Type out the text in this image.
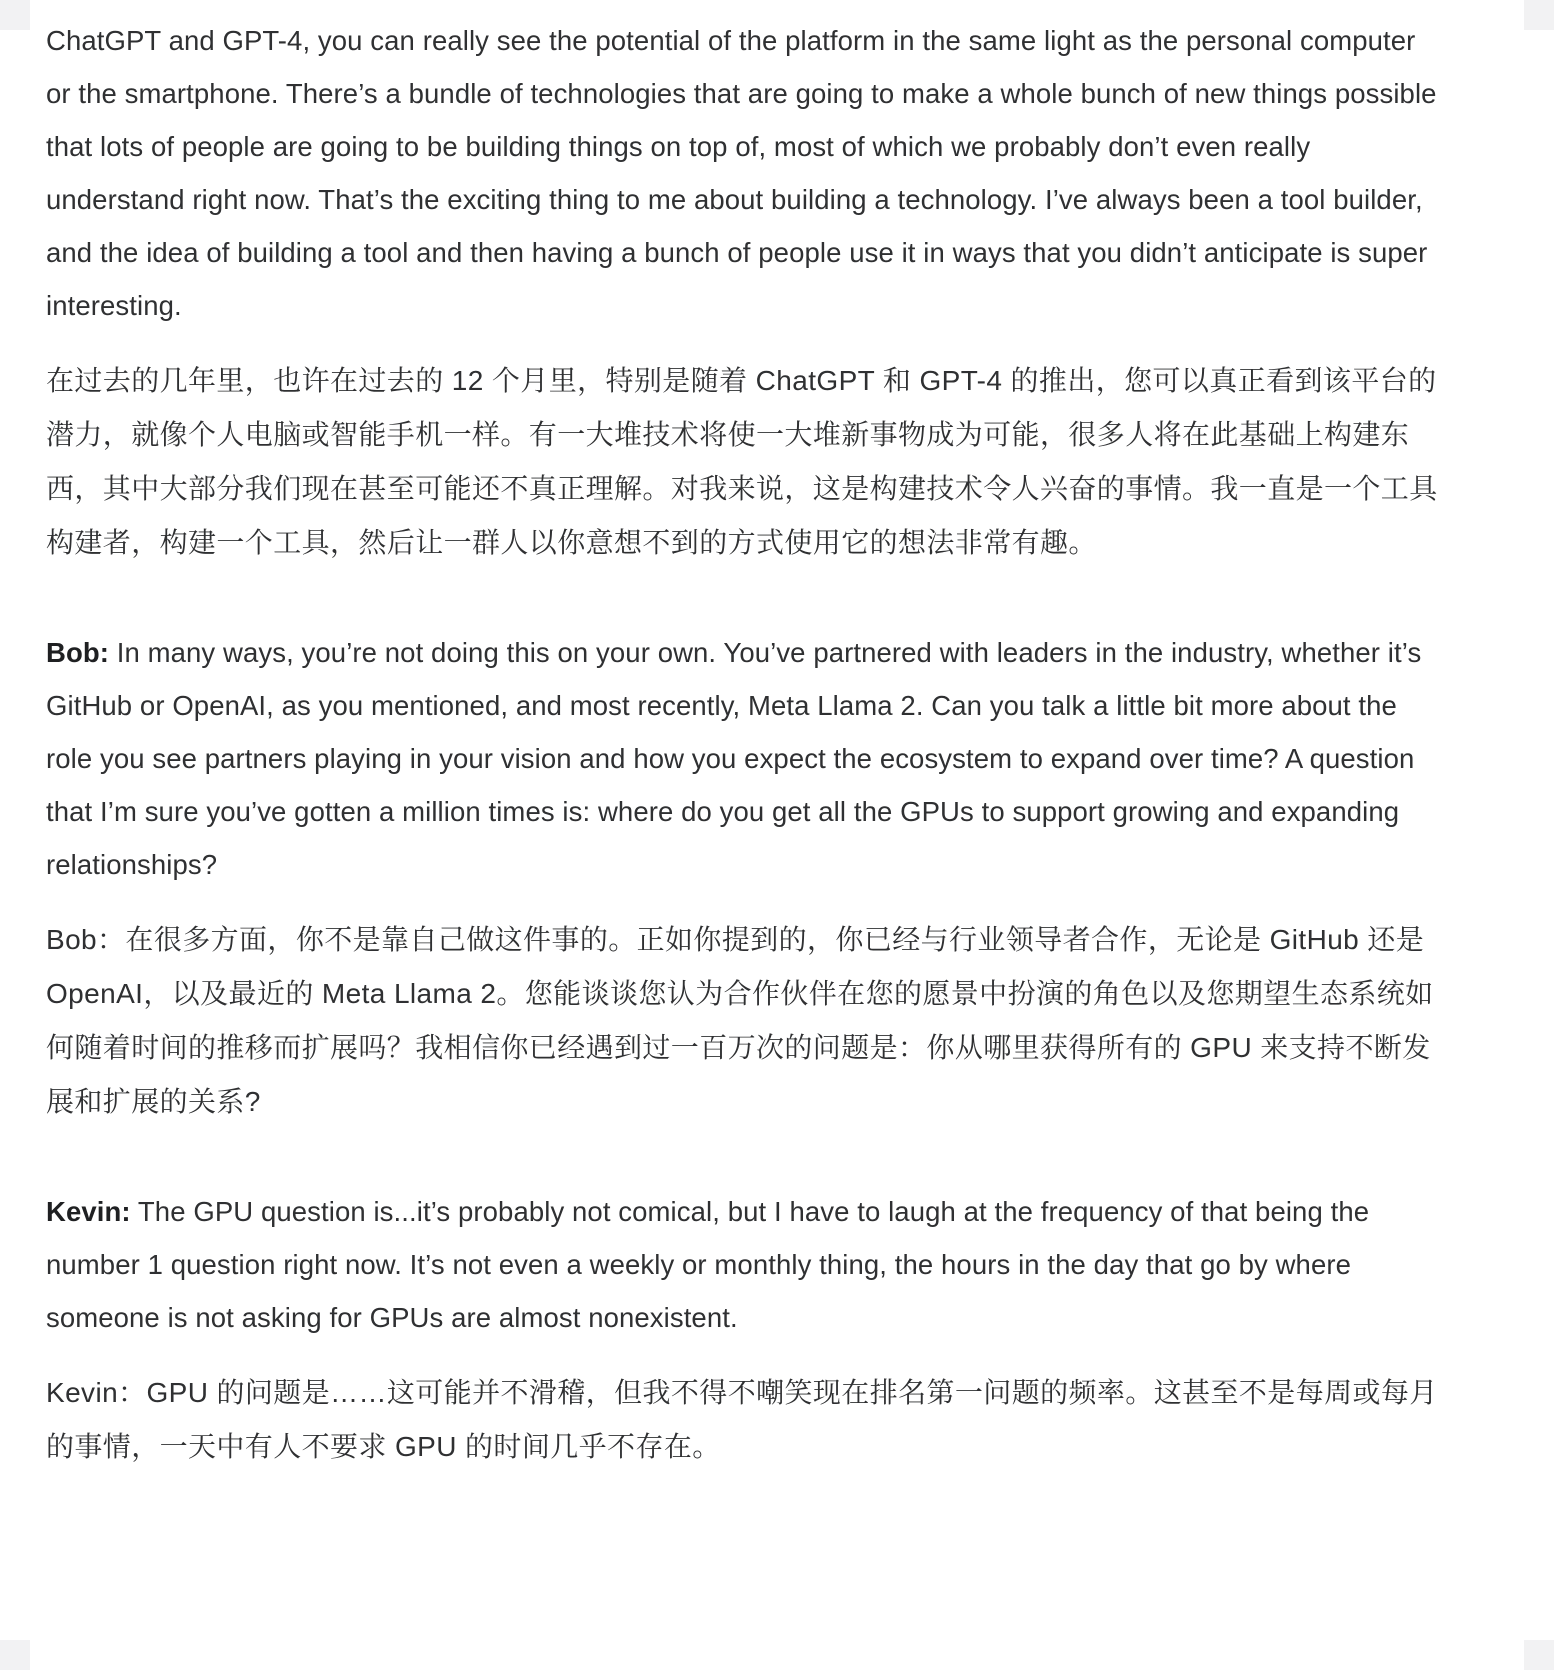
ChatGPT and GPT-4, you can really see the potential of the platform in the same light as the personal computer or the smartphone. There’s a bundle of technologies that are going to make a whole bunch of new things possible that lots of people are going to be building things on top of, most of which we probably don’t even really understand right now. That’s the exciting thing to me about building a technology. I’ve always been a tool builder, and the idea of building a tool and then having a bunch of people use it in ways that you didn’t anticipate is super interesting.

在过去的几年里，也许在过去的 12 个月里，特别是随着 ChatGPT 和 GPT-4 的推出，您可以真正看到该平台的潜力，就像个人电脑或智能手机一样。有一大堆技术将使一大堆新事物成为可能，很多人将在此基础上构建东西，其中大部分我们现在甚至可能还不真正理解。对我来说，这是构建技术令人兴奋的事情。我一直是一个工具构建者，构建一个工具，然后让一群人以你意想不到的方式使用它的想法非常有趣。

Bob: In many ways, you’re not doing this on your own. You’ve partnered with leaders in the industry, whether it’s GitHub or OpenAI, as you mentioned, and most recently, Meta Llama 2. Can you talk a little bit more about the role you see partners playing in your vision and how you expect the ecosystem to expand over time? A question that I’m sure you’ve gotten a million times is: where do you get all the GPUs to support growing and expanding relationships?

Bob：在很多方面，你不是靠自己做这件事的。正如你提到的，你已经与行业领导者合作，无论是 GitHub 还是 OpenAI，以及最近的 Meta Llama 2。您能谈谈您认为合作伙伴在您的愿景中扮演的角色以及您期望生态系统如何随着时间的推移而扩展吗？我相信你已经遇到过一百万次的问题是：你从哪里获得所有的 GPU 来支持不断发展和扩展的关系?

Kevin: The GPU question is...it’s probably not comical, but I have to laugh at the frequency of that being the number 1 question right now. It’s not even a weekly or monthly thing, the hours in the day that go by where someone is not asking for GPUs are almost nonexistent.

Kevin：GPU 的问题是……这可能并不滑稽，但我不得不嘲笑现在排名第一问题的频率。这甚至不是每周或每月的事情，一天中有人不要求 GPU 的时间几乎不存在。
